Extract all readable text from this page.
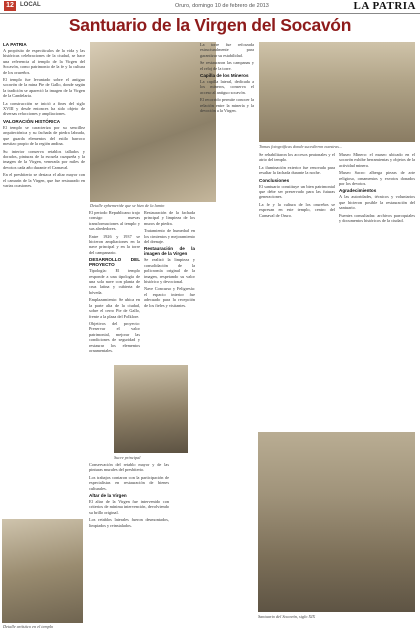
12	LOCAL	Oruro, domingo 10 de febrero de 2013	LA PATRIA
Santuario de la Virgen del Socavón
LA PATRIA

A propósito de espectáculos de la vida y las históricas celebraciones de la ciudad, se hace una referencia al templo de la Virgen del Socavón, como patrimonio de la fe y la cultura de los orureños.

El templo fue levantado sobre el antiguo socavón de la mina Pie de Gallo, donde según la tradición se apareció la imagen de la Virgen de la Candelaria.

La construcción se inició a fines del siglo XVIII y desde entonces ha sido objeto de diversas refacciones y ampliaciones.

VALORACIÓN HISTÓRICA

El templo se caracteriza por su sencillez arquitectónica y su fachada de piedra labrada, que guarda elementos del estilo barroco mestizo propio de la región andina.

Su interior conserva retablos tallados y dorados, pinturas de la escuela cuzqueña y la imagen de la Virgen, venerada por miles de devotos cada año durante el Carnaval.

En el presbiterio se destaca el altar mayor con el camarín de la Virgen, que fue restaurado en varias ocasiones.

Detalle artístico en el templo
Detalle ephemeride que se hizo de la lamin

El periodo Republicano trajo consigo nuevas transformaciones al templo y sus alrededores.

Entre 1926 y 1937 se hicieron ampliaciones en la nave principal y en la torre del campanario.

DESARROLLO DEL PROYECTO

Tipología: El templo responde a una tipología de una sola nave con planta de cruz latina y cubierta de bóveda.

Emplazamiento: Se ubica en la parte alta de la ciudad, sobre el cerro Pie de Gallo, frente a la plaza del Folklore.

Objetivos del proyecto: Preservar el valor patrimonial, mejorar las condiciones de seguridad y restaurar los elementos ornamentales.

Restauración de la fachada principal y limpieza de los muros de piedra.

Tratamiento de humedad en los cimientos y mejoramiento del drenaje.

Restauración de la imagen de la Virgen

Se realizó la limpieza y consolidación de la policromía original de la imagen, respetando su valor histórico y devocional.

Nave Concurso y Feligresía: el espacio interior fue adecuado para la recepción de los fieles y visitantes.

Sucre principal

Conservación del retablo mayor y de las pinturas murales del presbiterio.

Los trabajos contaron con la participación de especialistas en restauración de bienes culturales.

Altar de la Virgen

El altar de la Virgen fue intervenido con criterios de mínima intervención, devolviendo su brillo original.

Los retablos laterales fueron desmontados, limpiados y reinstalados.

La torre fue reforzada estructuralmente para garantizar su estabilidad.

Se restauraron las campanas y el reloj de la torre.

Capilla de los Mineros

La capilla lateral, dedicada a los mineros, conserva el acceso al antiguo socavón.

El recorrido permite conocer la relación entre la minería y la devoción a la Virgen.

Tomas fotográficas donde sucedieron nuestras...

Se rehabilitaron los accesos peatonales y el atrio del templo.

La iluminación exterior fue renovada para resaltar la fachada durante la noche.

Conclusiones

El santuario constituye un bien patrimonial que debe ser preservado para las futuras generaciones.

La fe y la cultura de los orureños se expresan en este templo, centro del Carnaval de Oruro.

Museo Minero: el museo ubicado en el socavón exhibe herramientas y objetos de la actividad minera.

Museo Sacro: alberga piezas de arte religioso, ornamentos y exvotos donados por los devotos.

Agradecimientos

A las autoridades, técnicos y voluntarios que hicieron posible la restauración del santuario.

Fuentes consultadas: archivos parroquiales y documentos históricos de la ciudad.

Santuario del Socavón, siglo XIX
